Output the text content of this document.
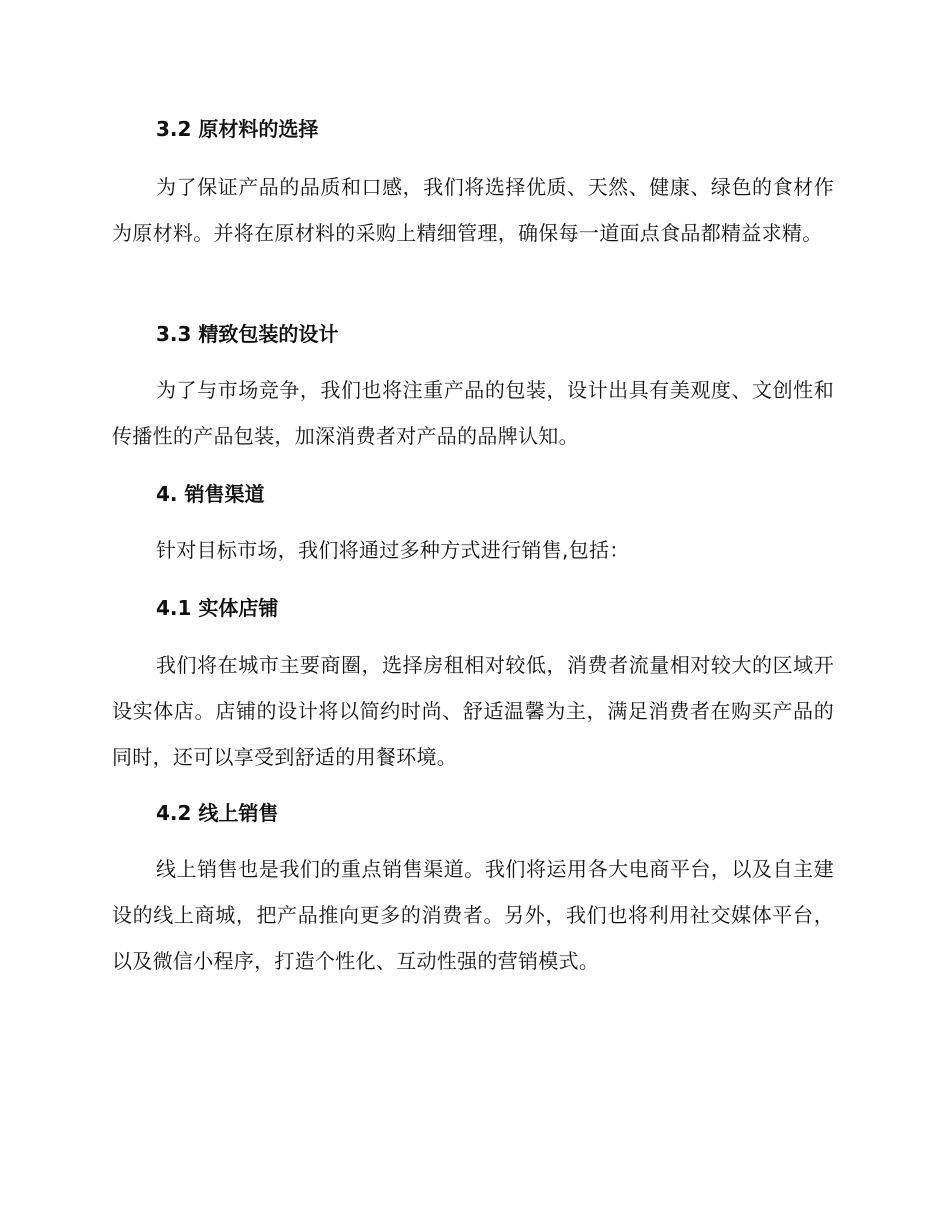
3.2 原材料的选择

为了保证产品的品质和口感，我们将选择优质、天然、健康、绿色的食材作为原材料。并将在原材料的采购上精细管理，确保每一道面点食品都精益求精。

3.3 精致包装的设计

为了与市场竞争，我们也将注重产品的包装，设计出具有美观度、文创性和传播性的产品包装，加深消费者对产品的品牌认知。

4. 销售渠道

针对目标市场，我们将通过多种方式进行销售,包括：

4.1 实体店铺

我们将在城市主要商圈，选择房租相对较低，消费者流量相对较大的区域开设实体店。店铺的设计将以简约时尚、舒适温馨为主，满足消费者在购买产品的同时，还可以享受到舒适的用餐环境。

4.2 线上销售

线上销售也是我们的重点销售渠道。我们将运用各大电商平台，以及自主建设的线上商城，把产品推向更多的消费者。另外，我们也将利用社交媒体平台，以及微信小程序，打造个性化、互动性强的营销模式。
